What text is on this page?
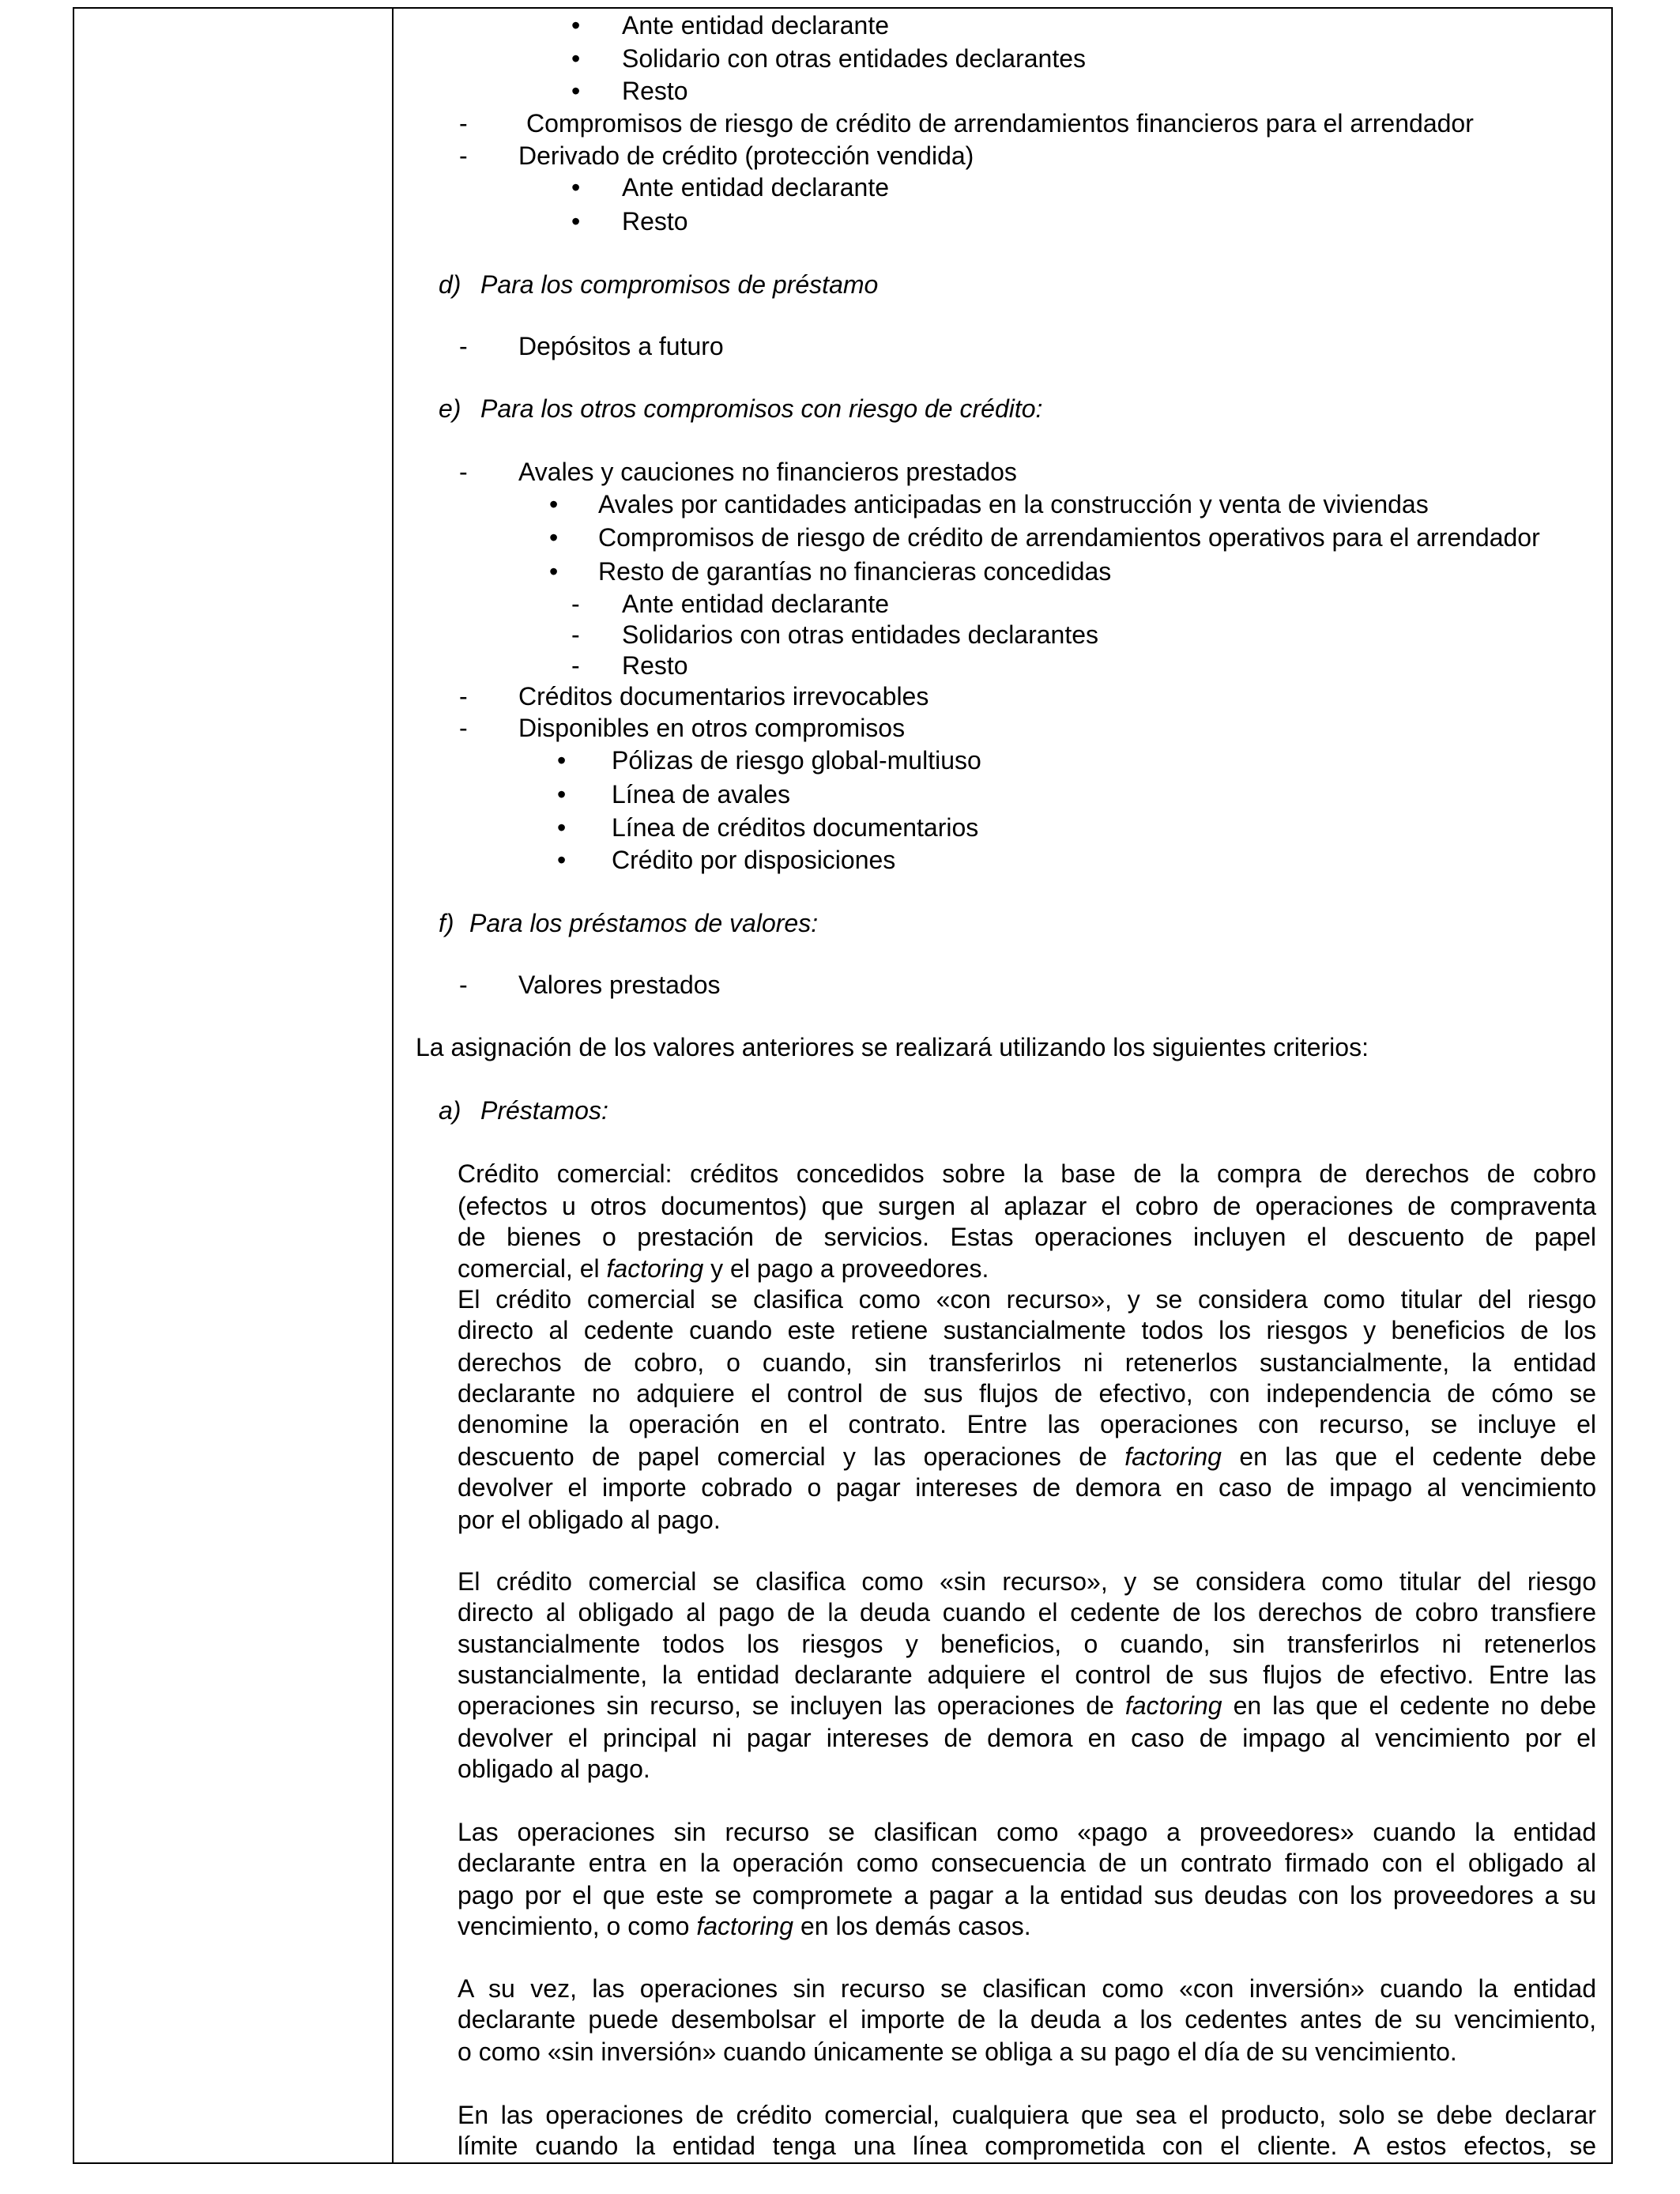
• Ante entidad declarante
• Solidario con otras entidades declarantes
• Resto
- Compromisos de riesgo de crédito de arrendamientos financieros para el arrendador
- Derivado de crédito (protección vendida)
• Ante entidad declarante
• Resto
d) Para los compromisos de préstamo
- Depósitos a futuro
e) Para los otros compromisos con riesgo de crédito:
- Avales y cauciones no financieros prestados
• Avales por cantidades anticipadas en la construcción y venta de viviendas
• Compromisos de riesgo de crédito de arrendamientos operativos para el arrendador
• Resto de garantías no financieras concedidas
- Ante entidad declarante
- Solidarios con otras entidades declarantes
- Resto
- Créditos documentarios irrevocables
- Disponibles en otros compromisos
• Pólizas de riesgo global-multiuso
• Línea de avales
• Línea de créditos documentarios
• Crédito por disposiciones
f) Para los préstamos de valores:
- Valores prestados
La asignación de los valores anteriores se realizará utilizando los siguientes criterios:
a) Préstamos:
Crédito comercial: créditos concedidos sobre la base de la compra de derechos de cobro
(efectos u otros documentos) que surgen al aplazar el cobro de operaciones de compraventa
de bienes o prestación de servicios. Estas operaciones incluyen el descuento de papel
comercial, el factoring y el pago a proveedores.
El crédito comercial se clasifica como «con recurso», y se considera como titular del riesgo
directo al cedente cuando este retiene sustancialmente todos los riesgos y beneficios de los
derechos de cobro, o cuando, sin transferirlos ni retenerlos sustancialmente, la entidad
declarante no adquiere el control de sus flujos de efectivo, con independencia de cómo se
denomine la operación en el contrato. Entre las operaciones con recurso, se incluye el
descuento de papel comercial y las operaciones de factoring en las que el cedente debe
devolver el importe cobrado o pagar intereses de demora en caso de impago al vencimiento
por el obligado al pago.
El crédito comercial se clasifica como «sin recurso», y se considera como titular del riesgo
directo al obligado al pago de la deuda cuando el cedente de los derechos de cobro transfiere
sustancialmente todos los riesgos y beneficios, o cuando, sin transferirlos ni retenerlos
sustancialmente, la entidad declarante adquiere el control de sus flujos de efectivo. Entre las
operaciones sin recurso, se incluyen las operaciones de factoring en las que el cedente no debe
devolver el principal ni pagar intereses de demora en caso de impago al vencimiento por el
obligado al pago.
Las operaciones sin recurso se clasifican como «pago a proveedores» cuando la entidad
declarante entra en la operación como consecuencia de un contrato firmado con el obligado al
pago por el que este se compromete a pagar a la entidad sus deudas con los proveedores a su
vencimiento, o como factoring en los demás casos.
A su vez, las operaciones sin recurso se clasifican como «con inversión» cuando la entidad
declarante puede desembolsar el importe de la deuda a los cedentes antes de su vencimiento,
o como «sin inversión» cuando únicamente se obliga a su pago el día de su vencimiento.
En las operaciones de crédito comercial, cualquiera que sea el producto, solo se debe declarar
límite cuando la entidad tenga una línea comprometida con el cliente. A estos efectos, se
